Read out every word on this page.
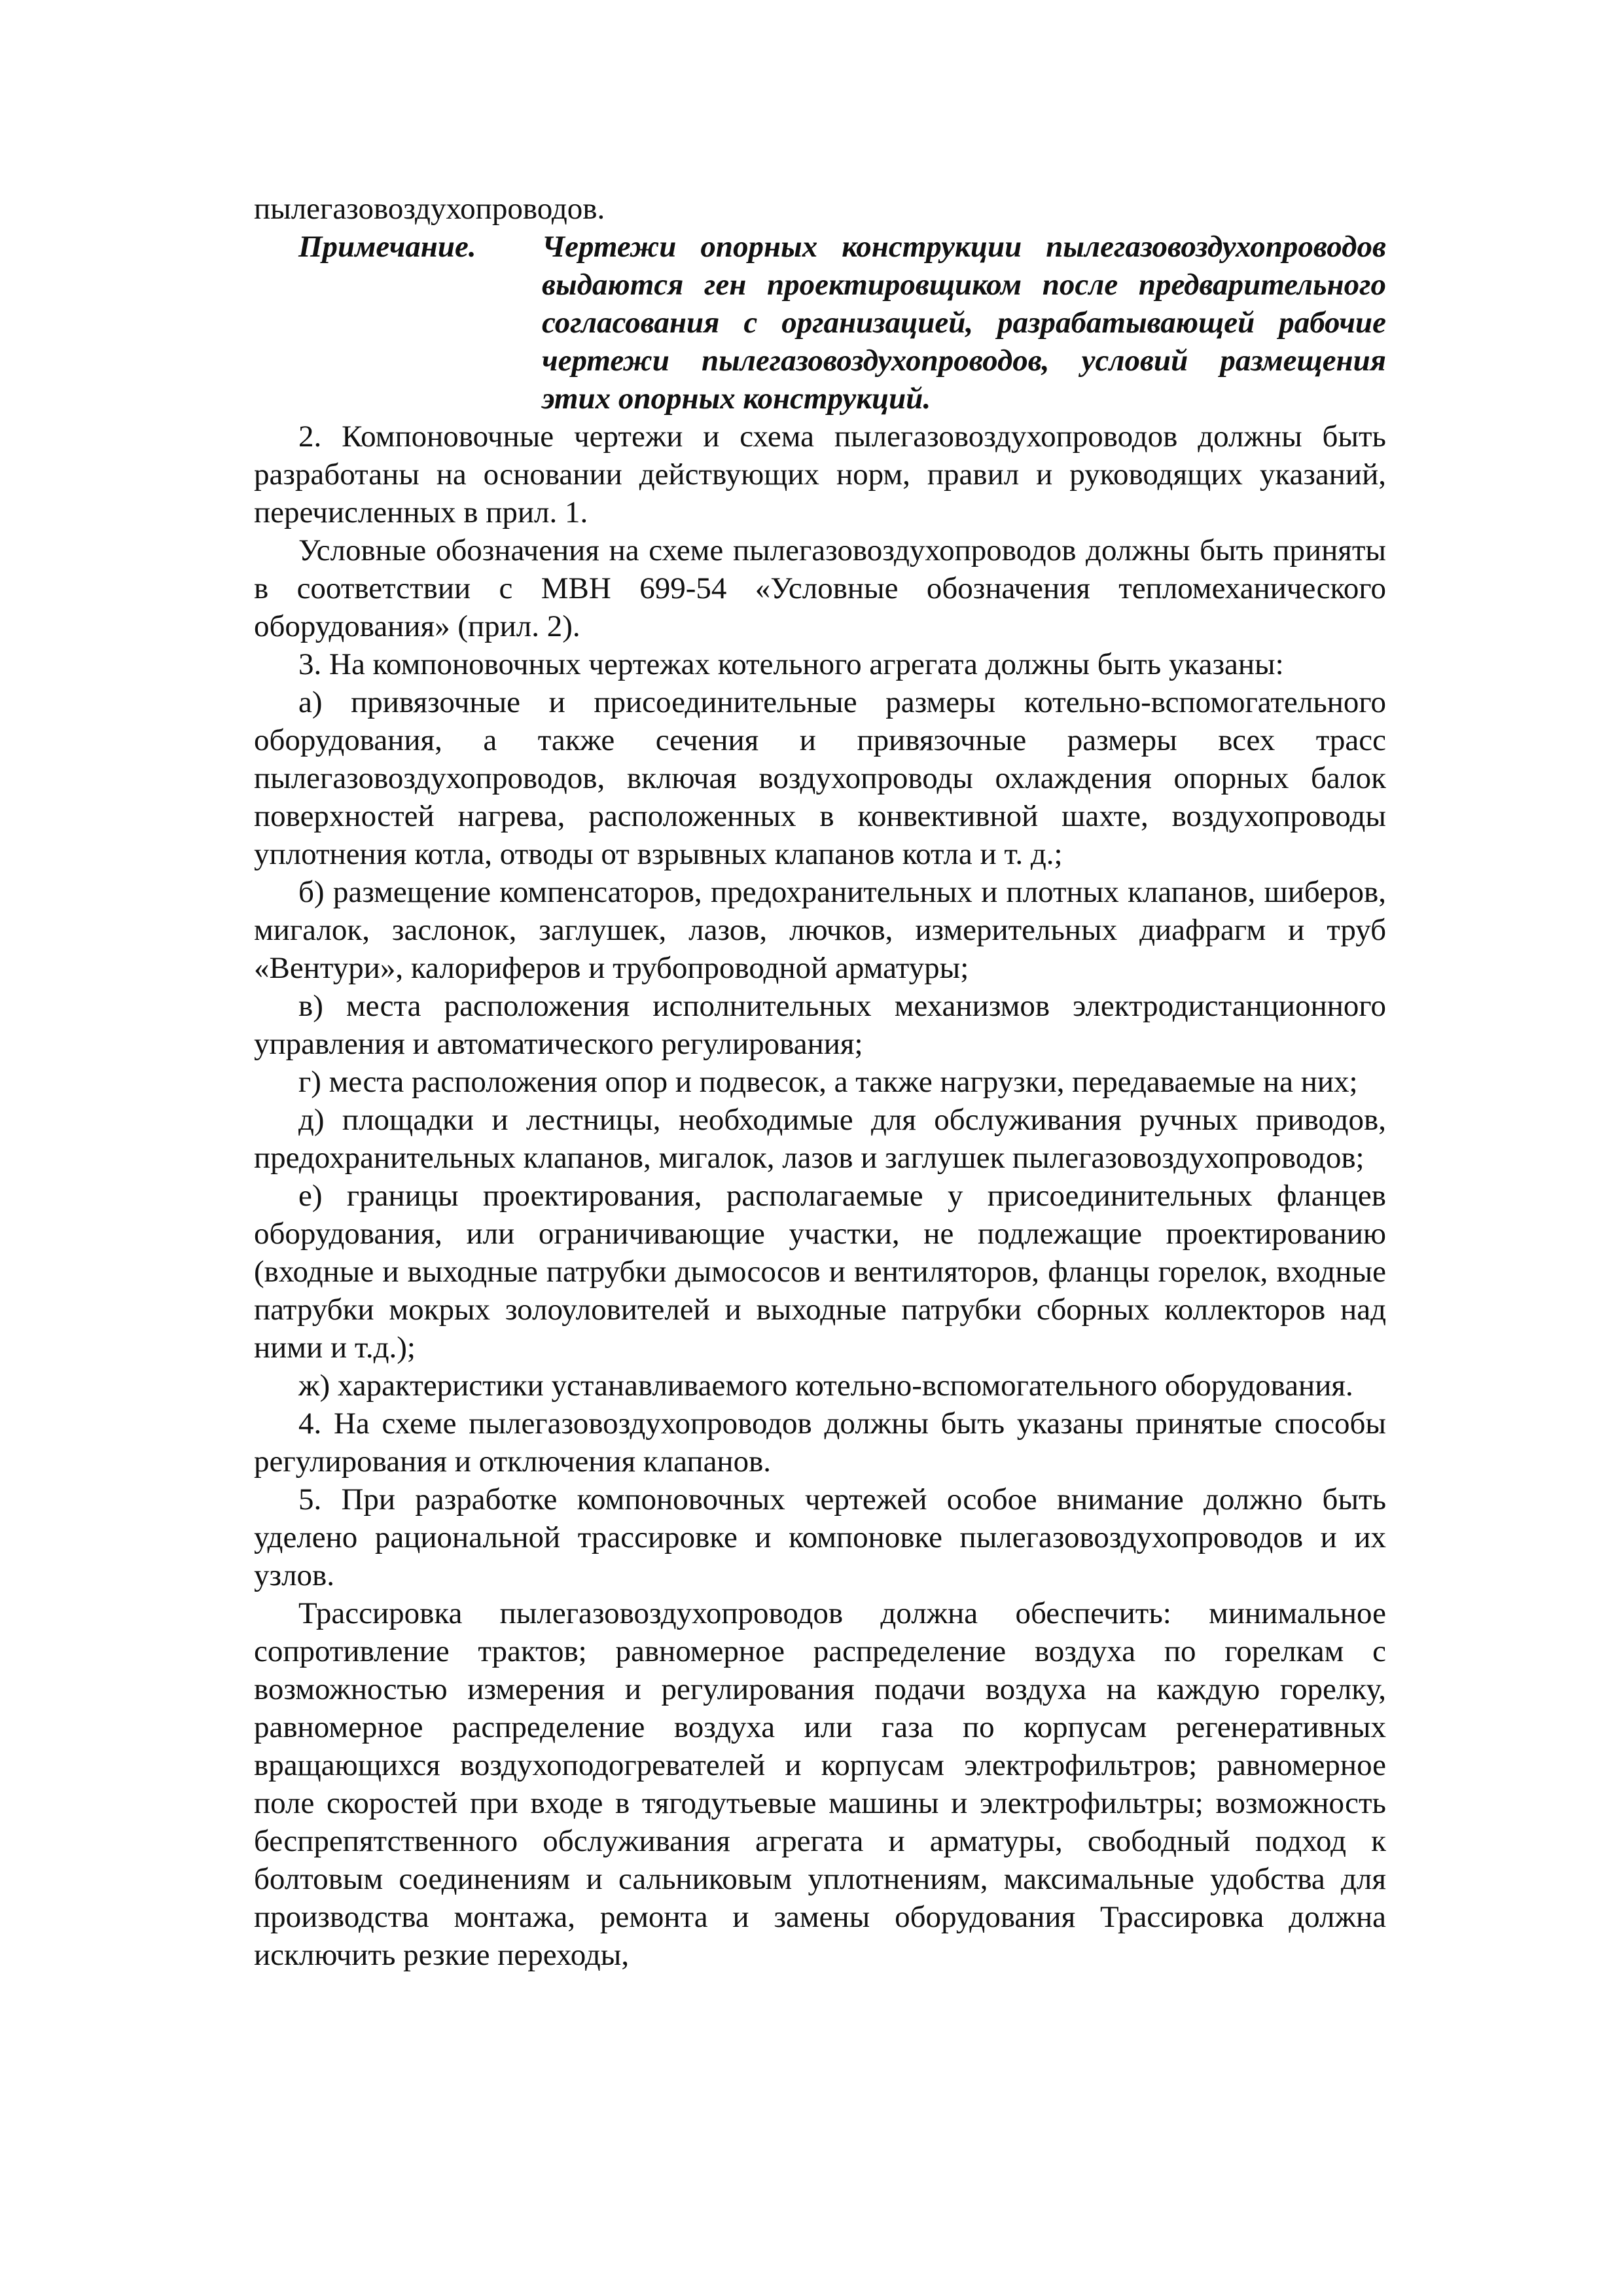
пылегазовоздухопроводов.

Примечание.	Чертежи опорных конструкции пылегазовоздухопроводов выдаются ген проектировщиком после предварительного согласования с организацией, разрабатывающей рабочие чертежи пылегазовоздухопроводов, условий размещения этих опорных конструкций.

2. Компоновочные чертежи и схема пылегазовоздухопроводов должны быть разработаны на основании действующих норм, правил и руководящих указаний, перечисленных в прил. 1.

Условные обозначения на схеме пылегазовоздухопроводов должны быть приняты в соответствии с МВН 699-54 «Условные обозначения тепломеханического оборудования» (прил. 2).

3. На компоновочных чертежах котельного агрегата должны быть указаны:

а) привязочные и присоединительные размеры котельно-вспомогательного оборудования, а также сечения и привязочные размеры всех трасс пылегазовоздухопроводов, включая воздухопроводы охлаждения опорных балок поверхностей нагрева, расположенных в конвективной шахте, воздухопроводы уплотнения котла, отводы от взрывных клапанов котла и т. д.;

б) размещение компенсаторов, предохранительных и плотных клапанов, шиберов, мигалок, заслонок, заглушек, лазов, лючков, измерительных диафрагм и труб «Вентури», калориферов и трубопроводной арматуры;

в) места расположения исполнительных механизмов электродистанционного управления и автоматического регулирования;

г) места расположения опор и подвесок, а также нагрузки, передаваемые на них;

д) площадки и лестницы, необходимые для обслуживания ручных приводов, предохранительных клапанов, мигалок, лазов и заглушек пылегазовоздухопроводов;

е) границы проектирования, располагаемые у присоединительных фланцев оборудования, или ограничивающие участки, не подлежащие проектированию (входные и выходные патрубки дымососов и вентиляторов, фланцы горелок, входные патрубки мокрых золоуловителей и выходные патрубки сборных коллекторов над ними и т.д.);

ж) характеристики устанавливаемого котельно-вспомогательного оборудования.

4. На схеме пылегазовоздухопроводов должны быть указаны принятые способы регулирования и отключения клапанов.

5. При разработке компоновочных чертежей особое внимание должно быть уделено рациональной трассировке и компоновке пылегазовоздухопроводов и их узлов.

Трассировка пылегазовоздухопроводов должна обеспечить: минимальное сопротивление трактов; равномерное распределение воздуха по горелкам с возможностью измерения и регулирования подачи воздуха на каждую горелку, равномерное распределение воздуха или газа по корпусам регенеративных вращающихся воздухоподогревателей и корпусам электрофильтров; равномерное поле скоростей при входе в тягодутьевые машины и электрофильтры; возможность беспрепятственного обслуживания агрегата и арматуры, свободный подход к болтовым соединениям и сальниковым уплотнениям, максимальные удобства для производства монтажа, ремонта и замены оборудования Трассировка должна исключить резкие переходы,
